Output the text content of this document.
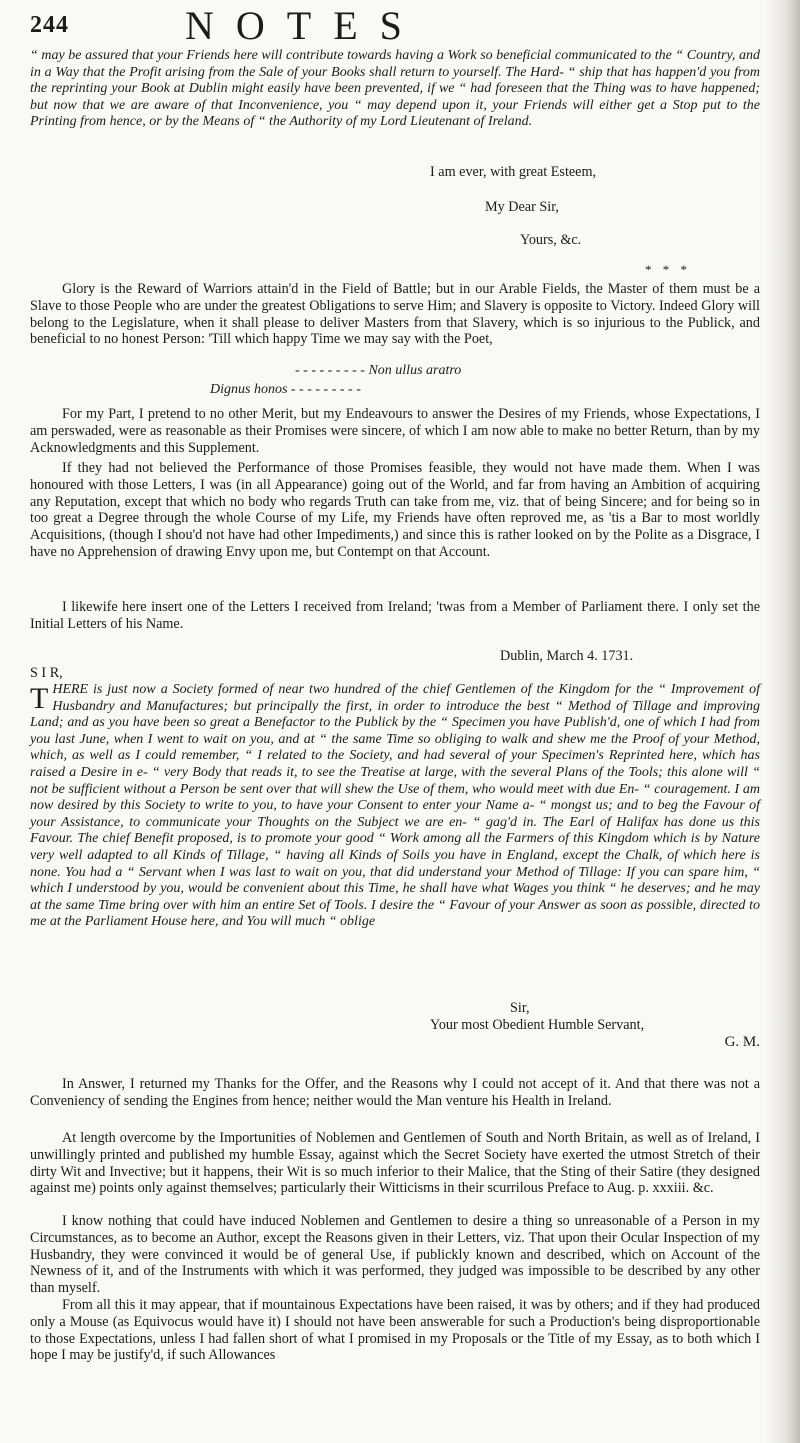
244	NOTES

“ may be assured that your Friends here will contribute towards having a Work so beneficial communicated to the “ Country, and in a Way that the Profit arising from the Sale of your Books shall return to yourself. The Hard- “ ship that has happen'd you from the reprinting your Book at Dublin might easily have been prevented, if we “ had foreseen that the Thing was to have happened; but now that we are aware of that Inconvenience, you “ may depend upon it, your Friends will either get a Stop put to the Printing from hence, or by the Means of “ the Authority of my Lord Lieutenant of Ireland.

I am ever, with great Esteem,

My Dear Sir,

Yours, &c.

* * *

Glory is the Reward of Warriors attain'd in the Field of Battle; but in our Arable Fields, the Master of them must be a Slave to those People who are under the greatest Obligations to serve Him; and Slavery is opposite to Victory. Indeed Glory will belong to the Legislature, when it shall please to deliver Masters from that Slavery, which is so injurious to the Publick, and beneficial to no honest Person: 'Till which happy Time we may say with the Poet,

- - - - - - - - - Non ullus aratro

Dignus honos - - - - - - - - -

For my Part, I pretend to no other Merit, but my Endeavours to answer the Desires of my Friends, whose Expectations, I am perswaded, were as reasonable as their Promises were sincere, of which I am now able to make no better Return, than by my Acknowledgments and this Supplement.

If they had not believed the Performance of those Promises feasible, they would not have made them. When I was honoured with those Letters, I was (in all Appearance) going out of the World, and far from having an Ambition of acquiring any Reputation, except that which no body who regards Truth can take from me, viz. that of being Sincere; and for being so in too great a Degree through the whole Course of my Life, my Friends have often reproved me, as 'tis a Bar to most worldly Acquisitions, (though I shou'd not have had other Impediments,) and since this is rather looked on by the Polite as a Disgrace, I have no Apprehension of drawing Envy upon me, but Contempt on that Account.

I likewife here insert one of the Letters I received from Ireland; 'twas from a Member of Parliament there. I only set the Initial Letters of his Name.

Dublin, March 4. 1731.

S I R,

THERE is just now a Society formed of near two hundred of the chief Gentlemen of the Kingdom for the “ Improvement of Husbandry and Manufactures; but principally the first, in order to introduce the best “ Method of Tillage and improving Land; and as you have been so great a Benefactor to the Publick by the “ Specimen you have Publish'd, one of which I had from you last June, when I went to wait on you, and at “ the same Time so obliging to walk and shew me the Proof of your Method, which, as well as I could remember, “ I related to the Society, and had several of your Specimen's Reprinted here, which has raised a Desire in e- “ very Body that reads it, to see the Treatise at large, with the several Plans of the Tools; this alone will “ not be sufficient without a Person be sent over that will shew the Use of them, who would meet with due En- “ couragement. I am now desired by this Society to write to you, to have your Consent to enter your Name a- “ mongst us; and to beg the Favour of your Assistance, to communicate your Thoughts on the Subject we are en- “ gag'd in. The Earl of Halifax has done us this Favour. The chief Benefit proposed, is to promote your good “ Work among all the Farmers of this Kingdom which is by Nature very well adapted to all Kinds of Tillage, “ having all Kinds of Soils you have in England, except the Chalk, of which here is none. You had a “ Servant when I was last to wait on you, that did understand your Method of Tillage: If you can spare him, “ which I understood by you, would be convenient about this Time, he shall have what Wages you think “ he deserves; and he may at the same Time bring over with him an entire Set of Tools. I desire the “ Favour of your Answer as soon as possible, directed to me at the Parliament House here, and You will much “ oblige

Sir,

Your most Obedient Humble Servant,

G. M.

In Answer, I returned my Thanks for the Offer, and the Reasons why I could not accept of it. And that there was not a Conveniency of sending the Engines from hence; neither would the Man venture his Health in Ireland.

At length overcome by the Importunities of Noblemen and Gentlemen of South and North Britain, as well as of Ireland, I unwillingly printed and published my humble Essay, against which the Secret Society have exerted the utmost Stretch of their dirty Wit and Invective; but it happens, their Wit is so much inferior to their Malice, that the Sting of their Satire (they designed against me) points only against themselves; particularly their Witticisms in their scurrilous Preface to Aug. p. xxxiii. &c.

I know nothing that could have induced Noblemen and Gentlemen to desire a thing so unreasonable of a Person in my Circumstances, as to become an Author, except the Reasons given in their Letters, viz. That upon their Ocular Inspection of my Husbandry, they were convinced it would be of general Use, if publickly known and described, which on Account of the Newness of it, and of the Instruments with which it was performed, they judged was impossible to be described by any other than myself.

From all this it may appear, that if mountainous Expectations have been raised, it was by others; and if they had produced only a Mouse (as Equivocus would have it) I should not have been answerable for such a Production's being disproportionable to those Expectations, unless I had fallen short of what I promised in my Proposals or the Title of my Essay, as to both which I hope I may be justify'd, if such Allowances
